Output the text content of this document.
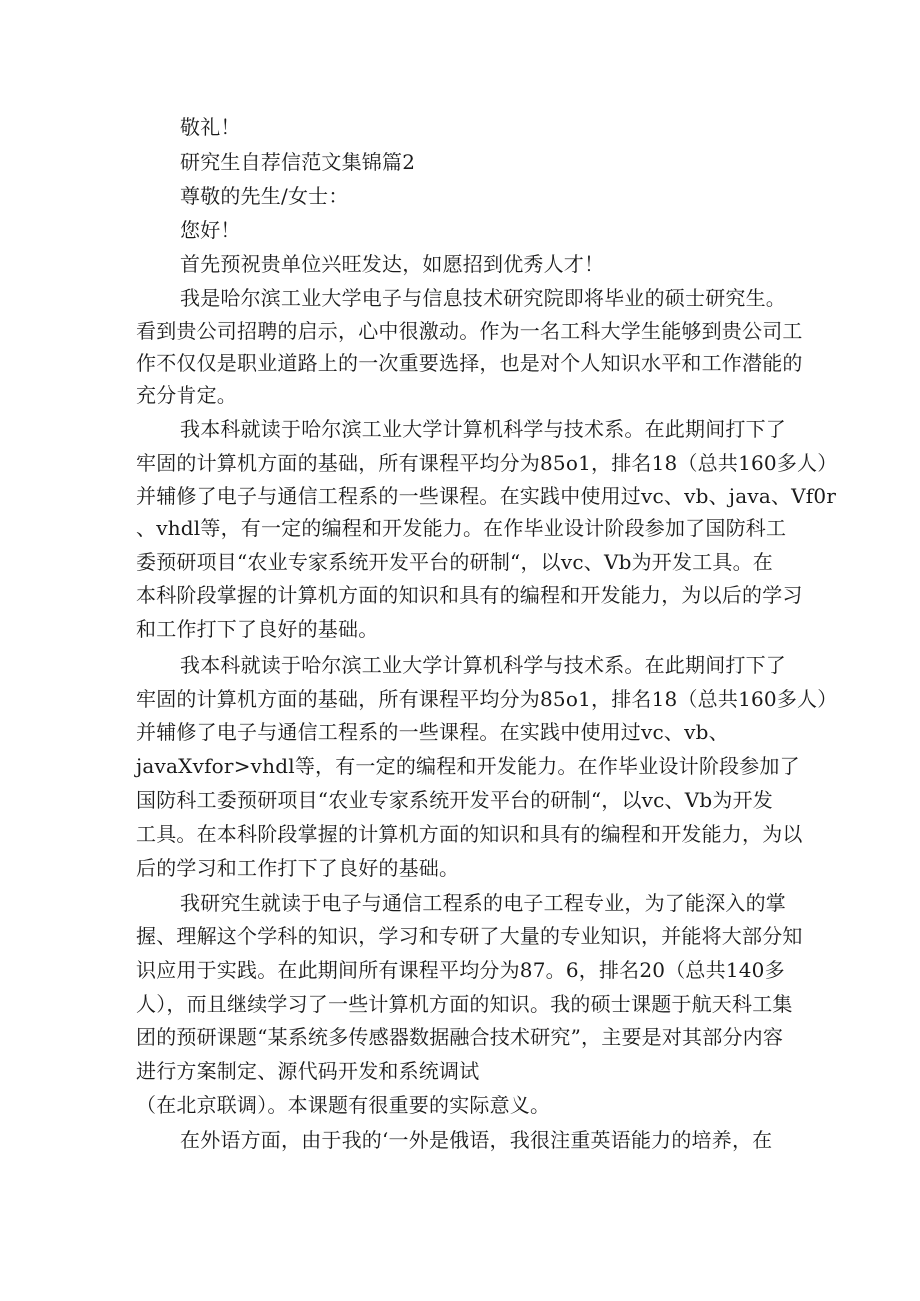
敬礼！
研究生自荐信范文集锦篇2
尊敬的先生/女士：
您好！
首先预祝贵单位兴旺发达，如愿招到优秀人才！
我是哈尔滨工业大学电子与信息技术研究院即将毕业的硕士研究生。
看到贵公司招聘的启示，心中很激动。作为一名工科大学生能够到贵公司工
作不仅仅是职业道路上的一次重要选择，也是对个人知识水平和工作潜能的
充分肯定。
我本科就读于哈尔滨工业大学计算机科学与技术系。在此期间打下了
牢固的计算机方面的基础，所有课程平均分为85o1，排名18（总共160多人）
并辅修了电子与通信工程系的一些课程。在实践中使用过vc、vb、java、Vf0r
、vhdl等，有一定的编程和开发能力。在作毕业设计阶段参加了国防科工
委预研项目“农业专家系统开发平台的研制“，以vc、Vb为开发工具。在
本科阶段掌握的计算机方面的知识和具有的编程和开发能力，为以后的学习
和工作打下了良好的基础。
我本科就读于哈尔滨工业大学计算机科学与技术系。在此期间打下了
牢固的计算机方面的基础，所有课程平均分为85o1，排名18（总共160多人）
并辅修了电子与通信工程系的一些课程。在实践中使用过vc、vb、
javaXvfor>vhdl等，有一定的编程和开发能力。在作毕业设计阶段参加了
国防科工委预研项目“农业专家系统开发平台的研制“，以vc、Vb为开发
工具。在本科阶段掌握的计算机方面的知识和具有的编程和开发能力，为以
后的学习和工作打下了良好的基础。
我研究生就读于电子与通信工程系的电子工程专业，为了能深入的掌
握、理解这个学科的知识，学习和专研了大量的专业知识，并能将大部分知
识应用于实践。在此期间所有课程平均分为87。6，排名20（总共140多
人），而且继续学习了一些计算机方面的知识。我的硕士课题于航天科工集
团的预研课题“某系统多传感器数据融合技术研究”，主要是对其部分内容
进行方案制定、源代码开发和系统调试
（在北京联调）。本课题有很重要的实际意义。
在外语方面，由于我的‘一外是俄语，我很注重英语能力的培养，在
